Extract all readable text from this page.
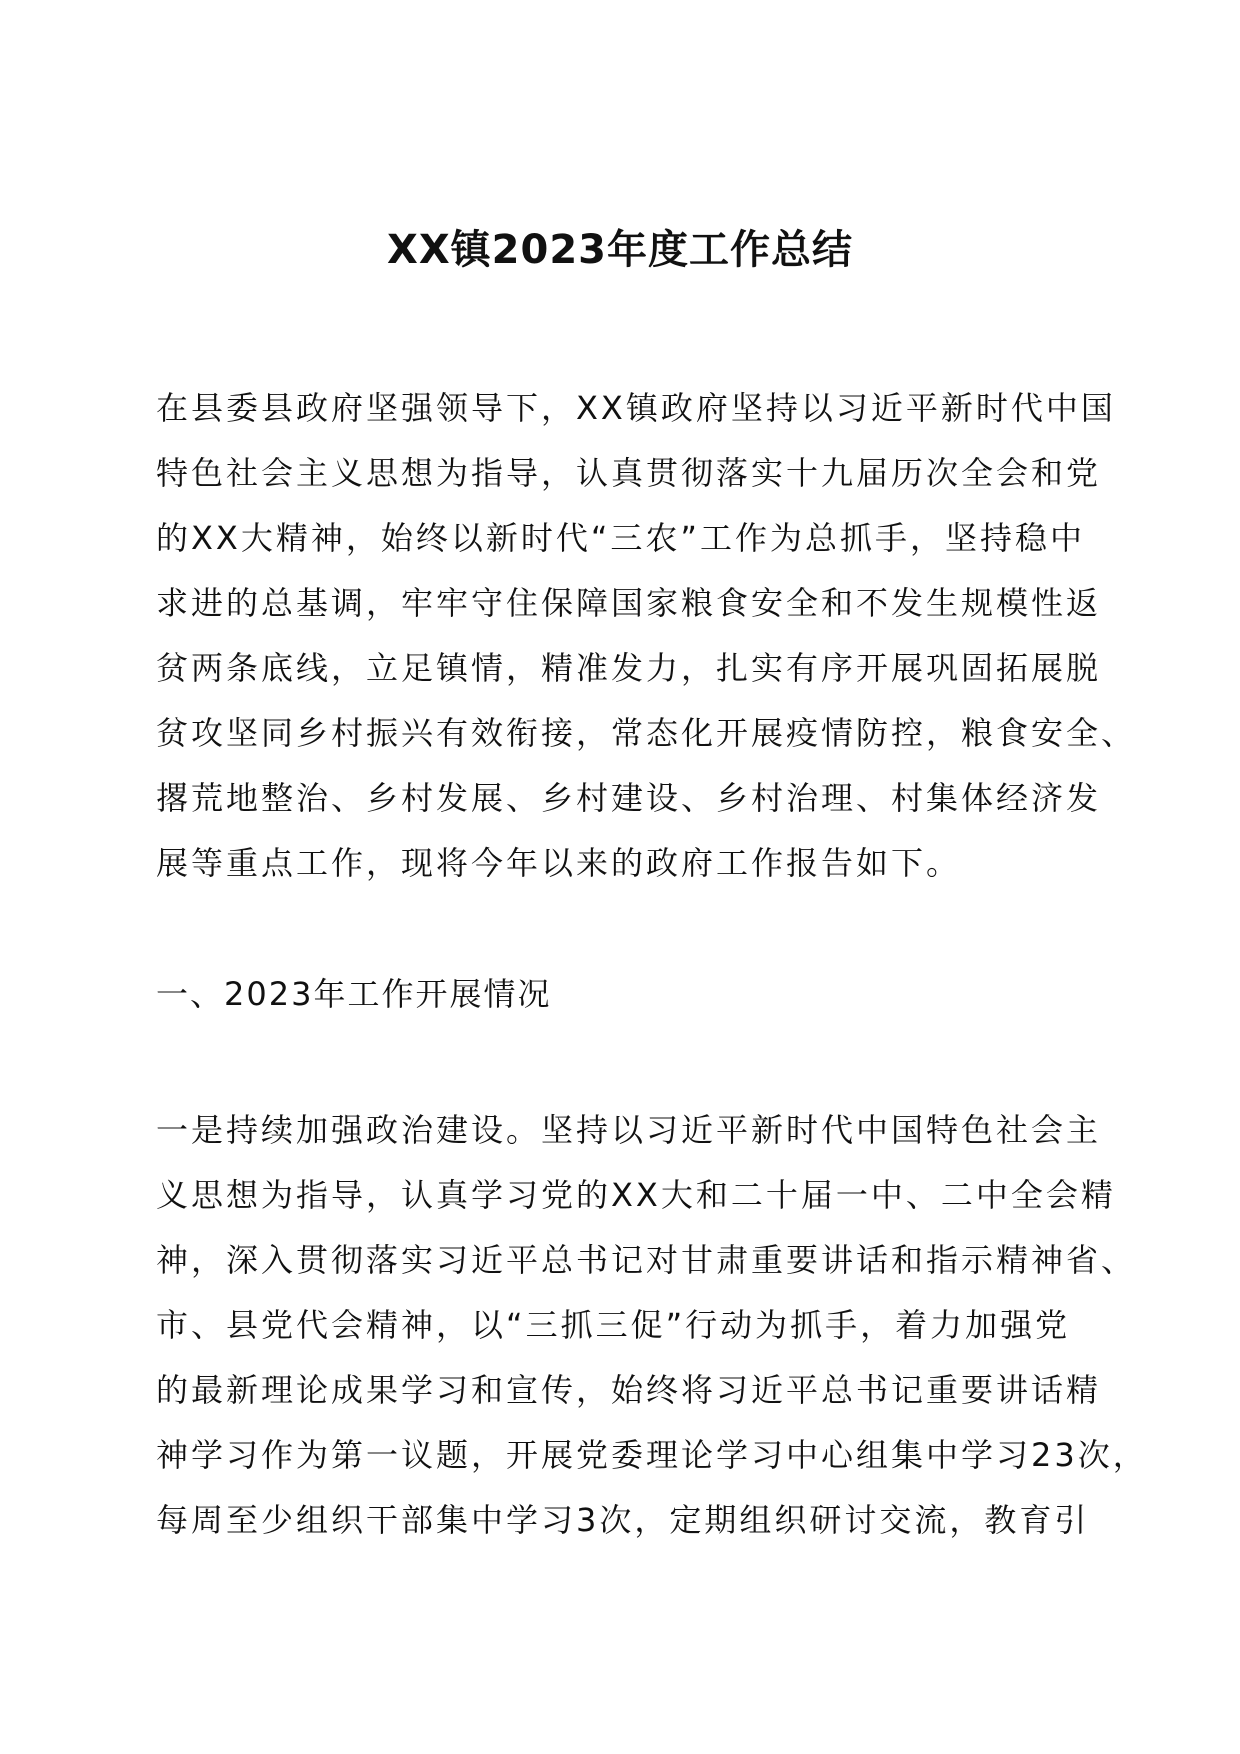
XX镇2023年度工作总结
在县委县政府坚强领导下，XX镇政府坚持以习近平新时代中国
特色社会主义思想为指导，认真贯彻落实十九届历次全会和党
的XX大精神，始终以新时代“三农”工作为总抓手，坚持稳中
求进的总基调，牢牢守住保障国家粮食安全和不发生规模性返
贫两条底线，立足镇情，精准发力，扎实有序开展巩固拓展脱
贫攻坚同乡村振兴有效衔接，常态化开展疫情防控，粮食安全、
撂荒地整治、乡村发展、乡村建设、乡村治理、村集体经济发
展等重点工作，现将今年以来的政府工作报告如下。
一、2023年工作开展情况
一是持续加强政治建设。坚持以习近平新时代中国特色社会主
义思想为指导，认真学习党的XX大和二十届一中、二中全会精
神，深入贯彻落实习近平总书记对甘肃重要讲话和指示精神省、
市、县党代会精神，以“三抓三促”行动为抓手，着力加强党
的最新理论成果学习和宣传，始终将习近平总书记重要讲话精
神学习作为第一议题，开展党委理论学习中心组集中学习23次，
每周至少组织干部集中学习3次，定期组织研讨交流，教育引
